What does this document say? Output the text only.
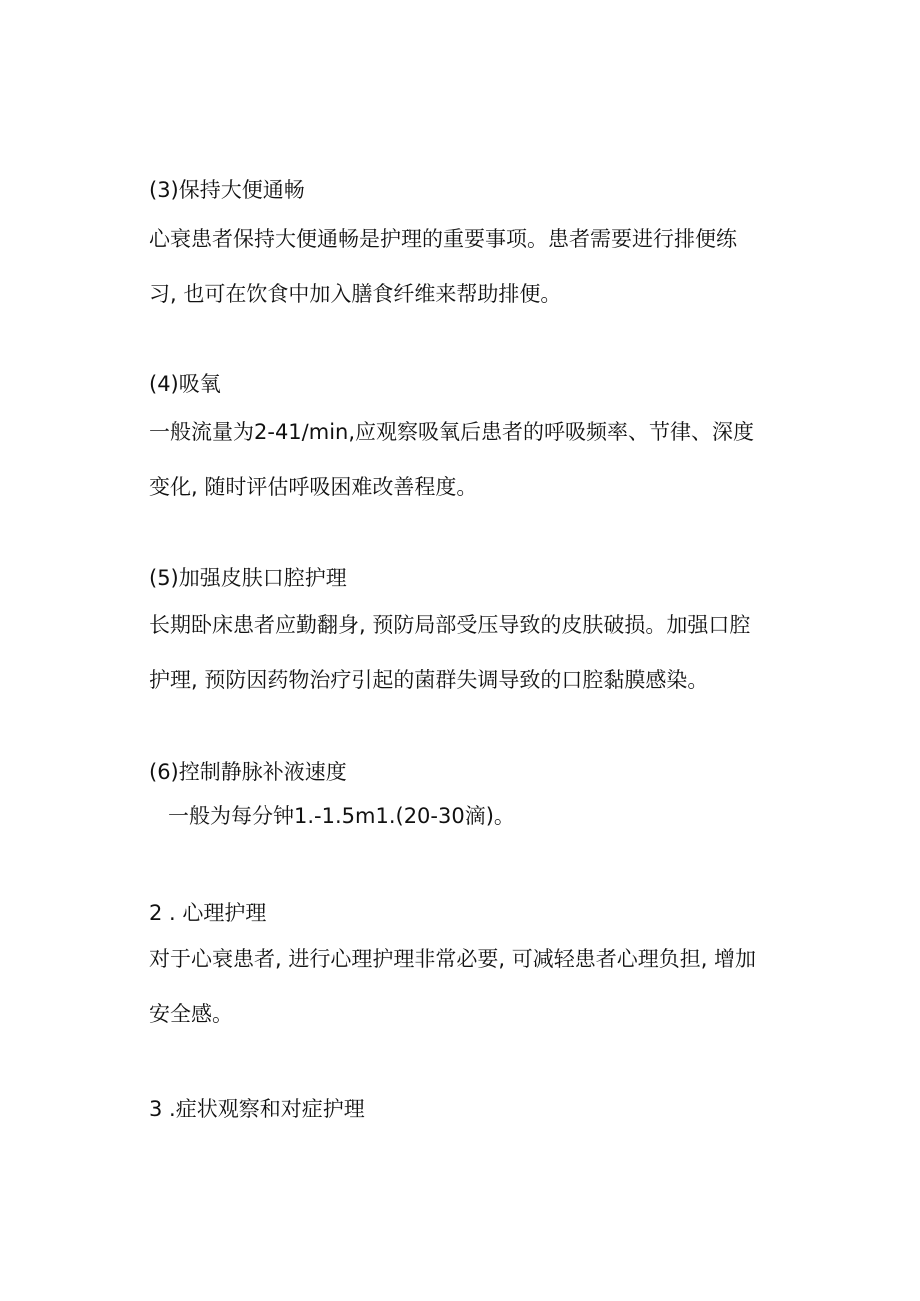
(3)保持大便通畅
心衰患者保持大便通畅是护理的重要事项。患者需要进行排便练
习, 也可在饮食中加入膳食纤维来帮助排便。
(4)吸氧
一般流量为2-41∕min,应观察吸氧后患者的呼吸频率、节律、深度
变化, 随时评估呼吸困难改善程度。
(5)加强皮肤口腔护理
长期卧床患者应勤翻身, 预防局部受压导致的皮肤破损。加强口腔
护理, 预防因药物治疗引起的菌群失调导致的口腔黏膜感染。
(6)控制静脉补液速度
一般为每分钟1.-1.5m1.(20-30滴)。
2 . 心理护理
对于心衰患者, 进行心理护理非常必要, 可减轻患者心理负担, 增加
安全感。
3 .症状观察和对症护理
